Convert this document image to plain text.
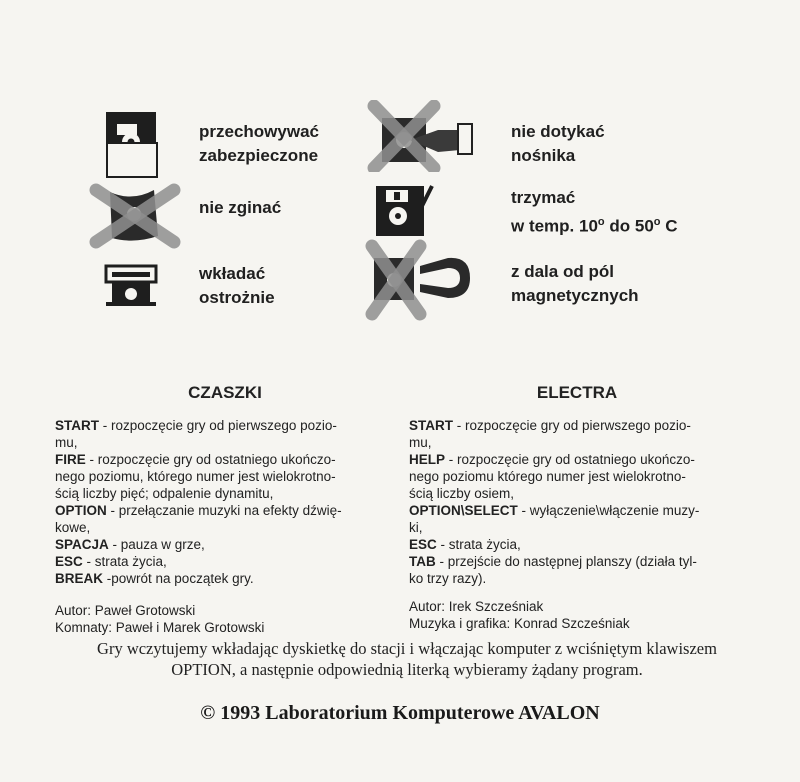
przechowywać
zabezpieczone
nie dotykać
nośnika
nie zginać
trzymać
w temp. 10$^o$ do 50$^o$ C
wkładać
ostrożnie
z dala od pól
magnetycznych
CZASZKI	ELECTRA
START - rozpoczęcie gry od pierwszego pozio-
mu,
FIRE - rozpoczęcie gry od ostatniego ukończo-
nego poziomu, którego numer jest wielokrotno-
ścią liczby pięć; odpalenie dynamitu,
OPTION - przełączanie muzyki na efekty dźwię-
kowe,
SPACJA - pauza w grze,
ESC - strata życia,
BREAK -powrót na początek gry.
START - rozpoczęcie gry od pierwszego pozio-
mu,
HELP - rozpoczęcie gry od ostatniego ukończo-
nego poziomu którego numer jest wielokrotno-
ścią liczby osiem,
OPTION\SELECT - wyłączenie\włączenie muzy-
ki,
ESC - strata życia,
TAB - przejście do następnej planszy (działa tyl-
ko trzy razy).
Autor: Paweł Grotowski
Komnaty: Paweł i Marek Grotowski
Autor: Irek Szcześniak
Muzyka i grafika: Konrad Szcześniak
Gry wczytujemy wkładając dyskietkę do stacji i włączając komputer z wciśniętym klawiszem
OPTION, a następnie odpowiednią literką wybieramy żądany program.
© 1993 Laboratorium Komputerowe AVALON
